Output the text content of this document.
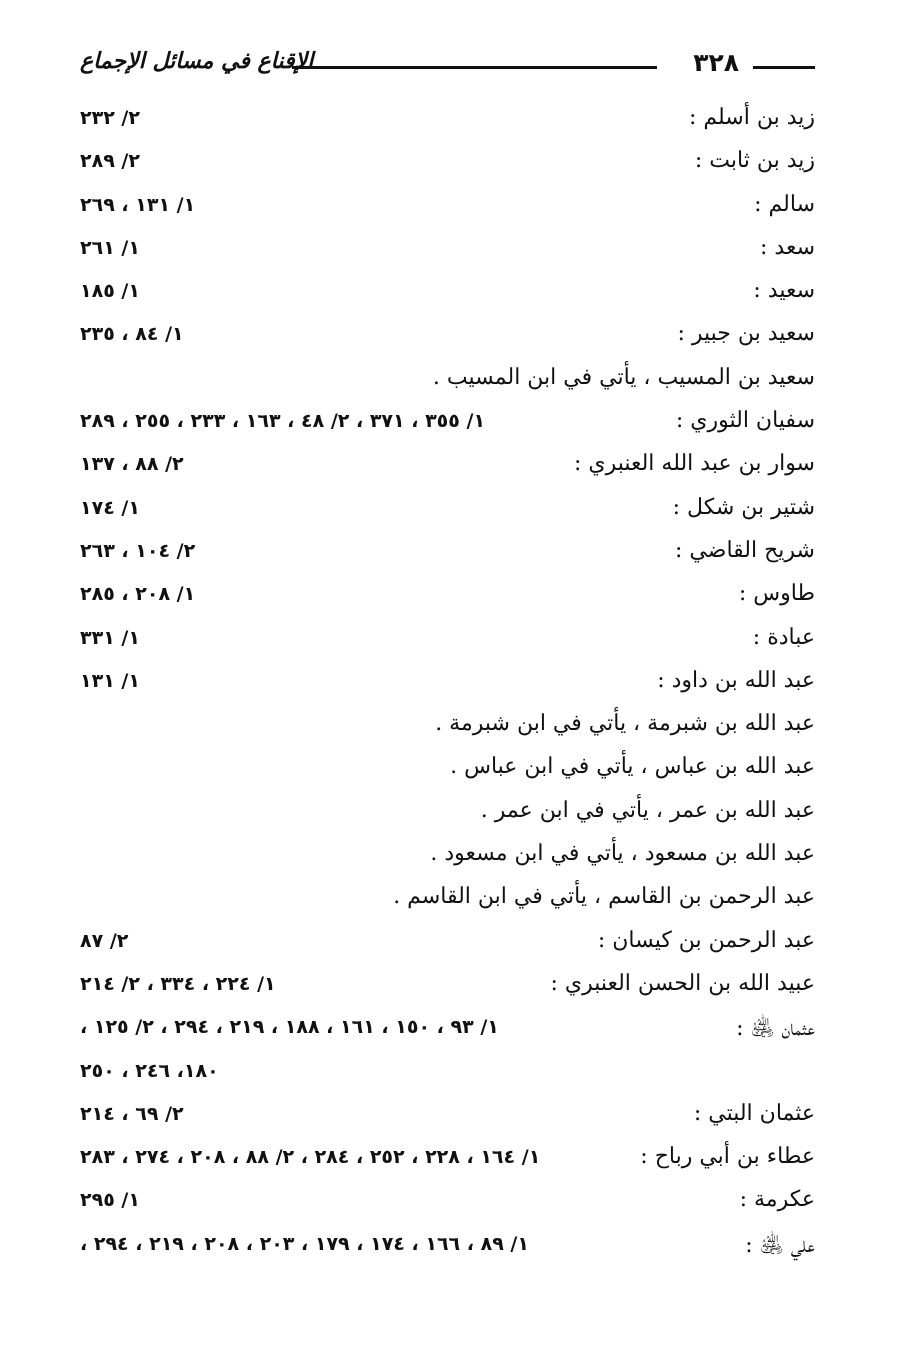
٣٢٨
الإقناع في مسائل الإجماع
زيد بن أسلم :
٢/ ٢٣٢
زيد بن ثابت :
٢/ ٢٨٩
سالم :
١/ ١٣١ ، ٢٦٩
سعد :
١/ ٢٦١
سعيد :
١/ ١٨٥
سعيد بن جبير :
١/ ٨٤ ، ٢٣٥
سعيد بن المسيب ، يأتي في ابن المسيب .
سفيان الثوري :
١/ ٣٥٥ ، ٣٧١ ، ٢/ ٤٨ ، ١٦٣ ، ٢٣٣ ، ٢٥٥ ، ٢٨٩
سوار بن عبد الله العنبري :
٢/ ٨٨ ، ١٣٧
شتير بن شكل :
١/ ١٧٤
شريح القاضي :
٢/ ١٠٤ ، ٢٦٣
طاوس :
١/ ٢٠٨ ، ٢٨٥
عبادة :
١/ ٣٣١
عبد الله بن داود :
١/ ١٣١
عبد الله بن شبرمة ، يأتي في ابن شبرمة .
عبد الله بن عباس ، يأتي في ابن عباس .
عبد الله بن عمر ، يأتي في ابن عمر .
عبد الله بن مسعود ، يأتي في ابن مسعود .
عبد الرحمن بن القاسم ، يأتي في ابن القاسم .
عبد الرحمن بن كيسان :
٢/ ٨٧
عبيد الله بن الحسن العنبري :
١/ ٢٢٤ ، ٣٣٤ ، ٢/ ٢١٤
عثمان ﵁ :
١/ ٩٣ ، ١٥٠ ، ١٦١ ، ١٨٨ ، ٢١٩ ، ٢٩٤ ، ٢/ ١٢٥ ،
١٨٠، ٢٤٦ ، ٢٥٠
عثمان البتي :
٢/ ٦٩ ، ٢١٤
عطاء بن أبي رباح :
١/ ١٦٤ ، ٢٢٨ ، ٢٥٢ ، ٢٨٤ ، ٢/ ٨٨ ، ٢٠٨ ، ٢٧٤ ، ٢٨٣
عكرمة :
١/ ٢٩٥
علي ﵁ :
١/ ٨٩ ، ١٦٦ ، ١٧٤ ، ١٧٩ ، ٢٠٣ ، ٢٠٨ ، ٢١٩ ، ٢٩٤ ،
